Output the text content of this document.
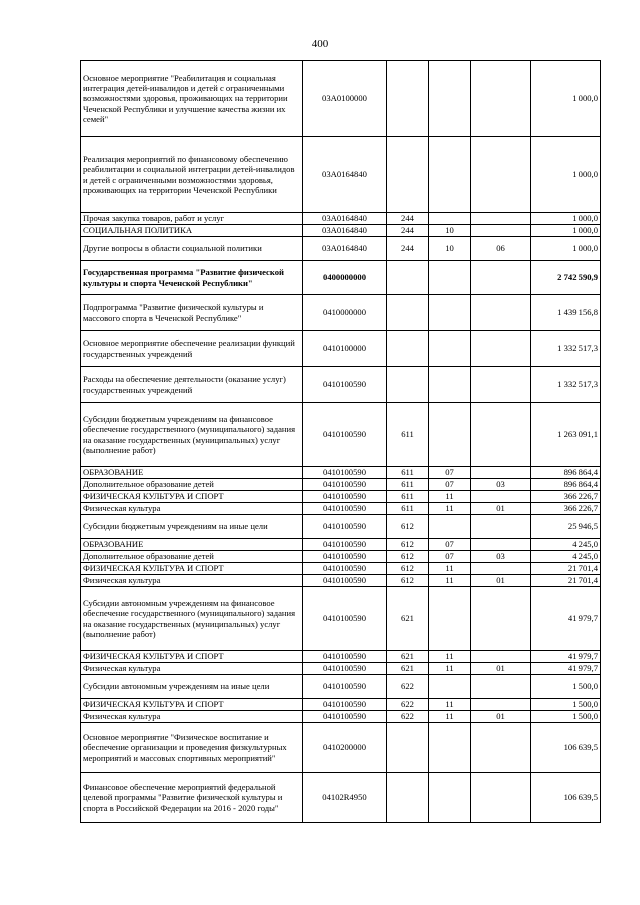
400
Основное мероприятие "Реабилитация и социальная интеграция детей-инвалидов и детей с ограниченными возможностями здоровья, проживающих на территории Чеченской Республики и улучшение качества жизни их семей"	03А0100000				1 000,0
Реализация мероприятий по финансовому обеспечению реабилитации и социальной интеграции детей-инвалидов и детей с ограниченными возможностями здоровья, проживающих на территории Чеченской Республики	03А0164840				1 000,0
Прочая закупка товаров, работ и услуг	03А0164840	244			1 000,0
СОЦИАЛЬНАЯ ПОЛИТИКА	03А0164840	244	10		1 000,0
Другие вопросы в области социальной политики	03А0164840	244	10	06	1 000,0
Государственная программа "Развитие физической культуры и спорта Чеченской Республики"	0400000000				2 742 590,9
Подпрограмма "Развитие физической культуры и массового спорта в Чеченской Республике"	0410000000				1 439 156,8
Основное мероприятие обеспечение реализации функций государственных учреждений	0410100000				1 332 517,3
Расходы на обеспечение деятельности (оказание услуг) государственных учреждений	0410100590				1 332 517,3
Субсидии бюджетным учреждениям на финансовое обеспечение государственного (муниципального) задания на оказание государственных (муниципальных) услуг (выполнение работ)	0410100590	611			1 263 091,1
ОБРАЗОВАНИЕ	0410100590	611	07		896 864,4
Дополнительное образование детей	0410100590	611	07	03	896 864,4
ФИЗИЧЕСКАЯ КУЛЬТУРА И СПОРТ	0410100590	611	11		366 226,7
Физическая культура	0410100590	611	11	01	366 226,7
Субсидии бюджетным учреждениям на иные цели	0410100590	612			25 946,5
ОБРАЗОВАНИЕ	0410100590	612	07		4 245,0
Дополнительное образование детей	0410100590	612	07	03	4 245,0
ФИЗИЧЕСКАЯ КУЛЬТУРА И СПОРТ	0410100590	612	11		21 701,4
Физическая культура	0410100590	612	11	01	21 701,4
Субсидии автономным учреждениям на финансовое обеспечение государственного (муниципального) задания на оказание государственных (муниципальных) услуг (выполнение работ)	0410100590	621			41 979,7
ФИЗИЧЕСКАЯ КУЛЬТУРА И СПОРТ	0410100590	621	11		41 979,7
Физическая культура	0410100590	621	11	01	41 979,7
Субсидии автономным учреждениям на иные цели	0410100590	622			1 500,0
ФИЗИЧЕСКАЯ КУЛЬТУРА И СПОРТ	0410100590	622	11		1 500,0
Физическая культура	0410100590	622	11	01	1 500,0
Основное мероприятие "Физическое воспитание и обеспечение организации и проведения физкультурных мероприятий и массовых спортивных мероприятий"	0410200000				106 639,5
Финансовое обеспечение мероприятий федеральной целевой программы "Развитие физической культуры и спорта в Российской Федерации на 2016 - 2020 годы"	04102R4950				106 639,5
